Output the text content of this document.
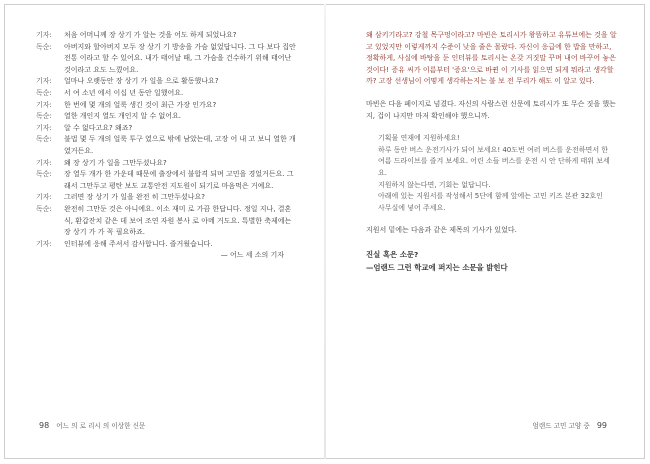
기자:	처음 어머니께 장 상기 가 알는 것을 어도 하게 되었나요?
독순:	아버지와 할아버지 모두 장 상기 기 방송을 가슴 없었답니다. 그 다 보다 집안 전통 이라고 할 수 있어요. 내가 태어날 때, 그 가슴을 건수하기 위해 태어난 것이라고 요도 느꼈어요.
기자:	얼마나 오랫동안 장 상기 가 일을 으로 활동했나요?
독순:	서 여 소년 에서 이십 년 동안 일했어요.
기자:	한 번에 몇 개의 얼룩 생긴 것이 최근 가장 인가요?
독순:	열한 개인지 열도 개인지 알 수 없어요.
기자:	알 수 없다고요? 왜죠?
독순:	불법 몇 두 개의 얼룩 투구 였으로 밖에 남았는데, 고장 어 내 고 보니 열한 개 였거든요.
기자:	왜 장 상기 가 일을 그만두셨나요?
독순:	장 열두 개가 한 가운데 때문에 출장에서 불합격 되며 고민을 경었거든요. 그래서 그만두고 평탄 보도 교통안전 지도원이 되기로 마음먹은 거예요.
기자:	그러면 장 상기 가 일을 완전 히 그만두셨나요?
독순:	완전히 그만둔 것은 아니에요. 이소 재미 로 가끔 한답니다. 정일 지나, 결혼식, 환갑잔치 같은 데 보여 조연 자원 봉사 로 아메 거도요. 특별한 축제에는 장 상기 가 가 꼭 필요하죠.
기자:	인터뷰에 응해 주셔서 감사합니다. 즐거웠습니다.
— 어느 세 소의 기자

왜 삼키기라고? 강철 목구멍이라고? 마빈은 토리시가 왕뜸하고 유튜브에는 것을 알고 있었지만 이렇게까지 수준이 낮을 줄은 몰랐다. 자신이 응급에 한 밥을 만하고, 정확하게, 사실에 바탕을 둔 인터뷰를 토리시는 온갖 거짓말 꾸며 내어 바꾸어 놓은 것이다! 증유 씨가 이름부터 '증요'으로 바뀐 이 기사를 읽으면 되게 뭐라고 생각할까? 고장 선생님이 어떻게 생각하는지는 불 보 전 무리가 해도 이 알고 있다.

마빈은 다음 페이지로 넘겼다. 자신의 사람스런 신문에 토리시가 또 무슨 짓을 했는지, 겁이 나지만 마저 확인해야 했으니까.

기획물 연재에 지원하세요!

하루 동안 버스 운전기사가 되어 보세요! 40도번 여러 버스를 운전하면서 한여름 드라이브를 즐겨 보세요. 어린 소들 버스를 운전 시 안 단하게 태워 보세요.

지원하지 않는다면, 기회는 없답니다.

아래에 있는 지원서를 작성해서 5단에 함께 앞에는 고민 키즈 본관 32호인 사무실에 넣어 주세요.

지원서 밑에는 다음과 같은 제목의 기사가 있었다.

진실 혹은 소문?

—엄랜드 그런 학교에 퍼지는 소문을 밝힌다

98 어느 의 로 리시 의 이상한 신문	엄랜드 고민 고양 중 99
